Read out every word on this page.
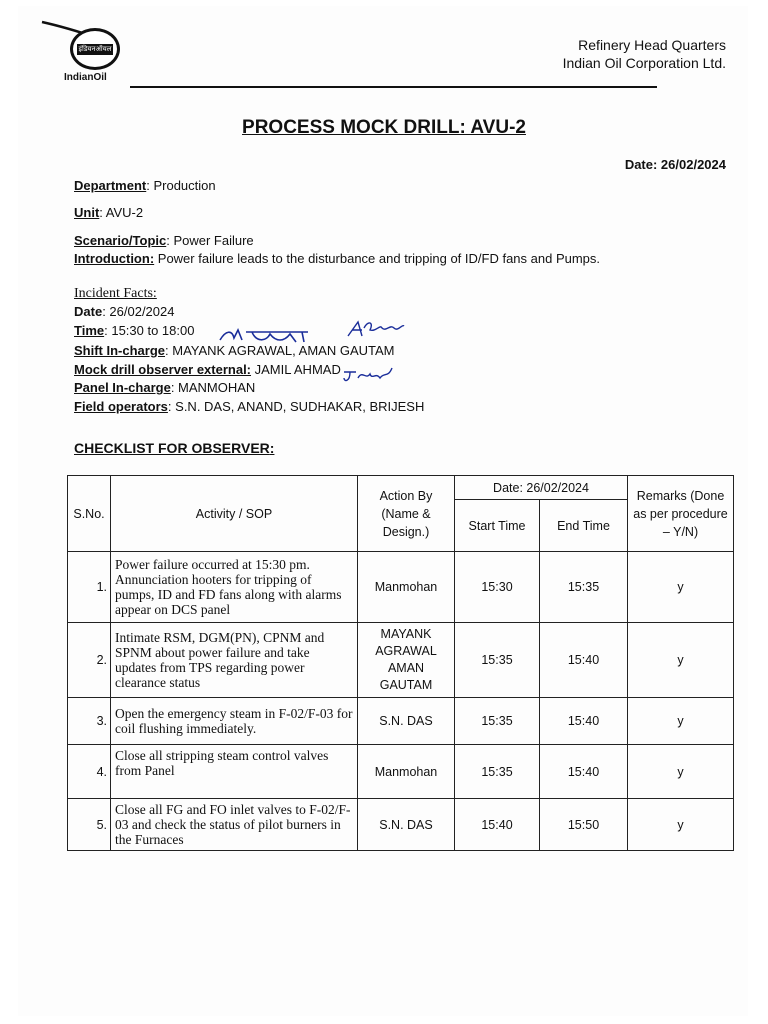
इंडियनऑयल
IndianOil
Refinery Head Quarters
Indian Oil Corporation Ltd.
PROCESS MOCK DRILL: AVU-2
Date: 26/02/2024
Department: Production
Unit: AVU-2
Scenario/Topic: Power Failure
Introduction: Power failure leads to the disturbance and tripping of ID/FD fans and Pumps.
Incident Facts:
Date: 26/02/2024
Time: 15:30 to 18:00
Shift In-charge: MAYANK AGRAWAL, AMAN GAUTAM
Mock drill observer external: JAMIL AHMAD
Panel In-charge: MANMOHAN
Field operators: S.N. DAS, ANAND, SUDHAKAR, BRIJESH
CHECKLIST FOR OBSERVER:
S.No.	Activity / SOP	Action By (Name & Design.)	Date: 26/02/2024		Remarks (Done as per procedure – Y/N)
			Start Time	End Time	
1.	Power failure occurred at 15:30 pm. Annunciation hooters for tripping of pumps, ID and FD fans along with alarms appear on DCS panel	Manmohan	15:30	15:35	y
2.	Intimate RSM, DGM(PN), CPNM and SPNM about power failure and take updates from TPS regarding power clearance status	MAYANK AGRAWAL AMAN GAUTAM	15:35	15:40	y
3.	Open the emergency steam in F-02/F-03 for coil flushing immediately.	S.N. DAS	15:35	15:40	y
4.	Close all stripping steam control valves from Panel	Manmohan	15:35	15:40	y
5.	Close all FG and FO inlet valves to F-02/F-03 and check the status of pilot burners in the Furnaces	S.N. DAS	15:40	15:50	y
